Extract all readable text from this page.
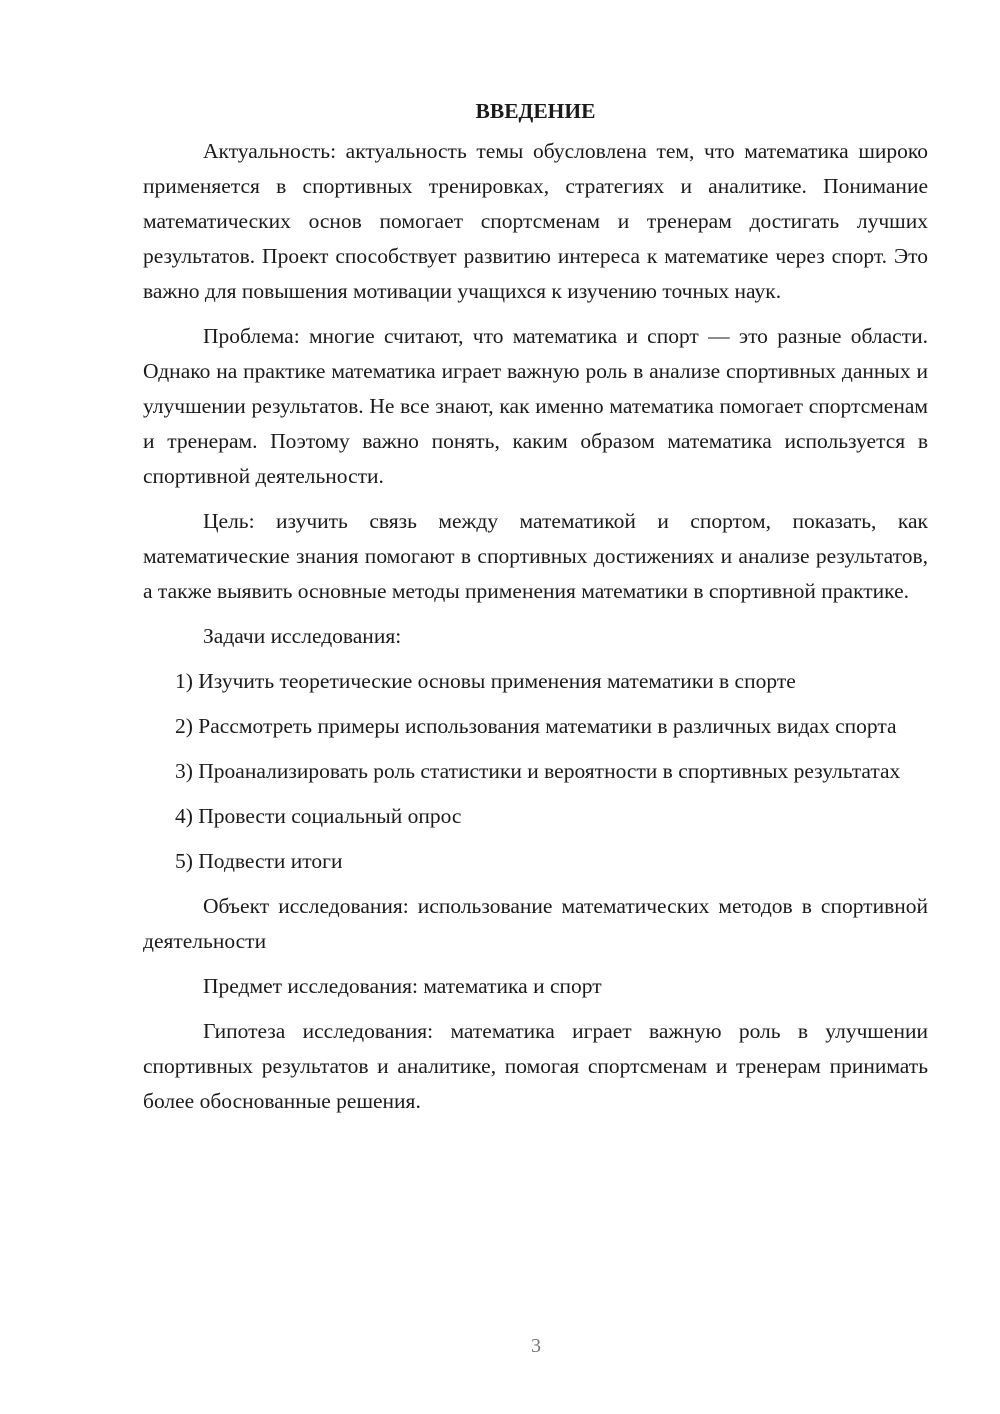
ВВЕДЕНИЕ

Актуальность: актуальность темы обусловлена тем, что математика широко применяется в спортивных тренировках, стратегиях и аналитике. Понимание математических основ помогает спортсменам и тренерам достигать лучших результатов. Проект способствует развитию интереса к математике через спорт. Это важно для повышения мотивации учащихся к изучению точных наук.

Проблема: многие считают, что математика и спорт — это разные области. Однако на практике математика играет важную роль в анализе спортивных данных и улучшении результатов. Не все знают, как именно математика помогает спортсменам и тренерам. Поэтому важно понять, каким образом математика используется в спортивной деятельности.

Цель: изучить связь между математикой и спортом, показать, как математические знания помогают в спортивных достижениях и анализе результатов, а также выявить основные методы применения математики в спортивной практике.

Задачи исследования:

1) Изучить теоретические основы применения математики в спорте

2) Рассмотреть примеры использования математики в различных видах спорта

3) Проанализировать роль статистики и вероятности в спортивных результатах

4) Провести социальный опрос

5) Подвести итоги

Объект исследования: использование математических методов в спортивной деятельности

Предмет исследования: математика и спорт

Гипотеза исследования: математика играет важную роль в улучшении спортивных результатов и аналитике, помогая спортсменам и тренерам принимать более обоснованные решения.

3
